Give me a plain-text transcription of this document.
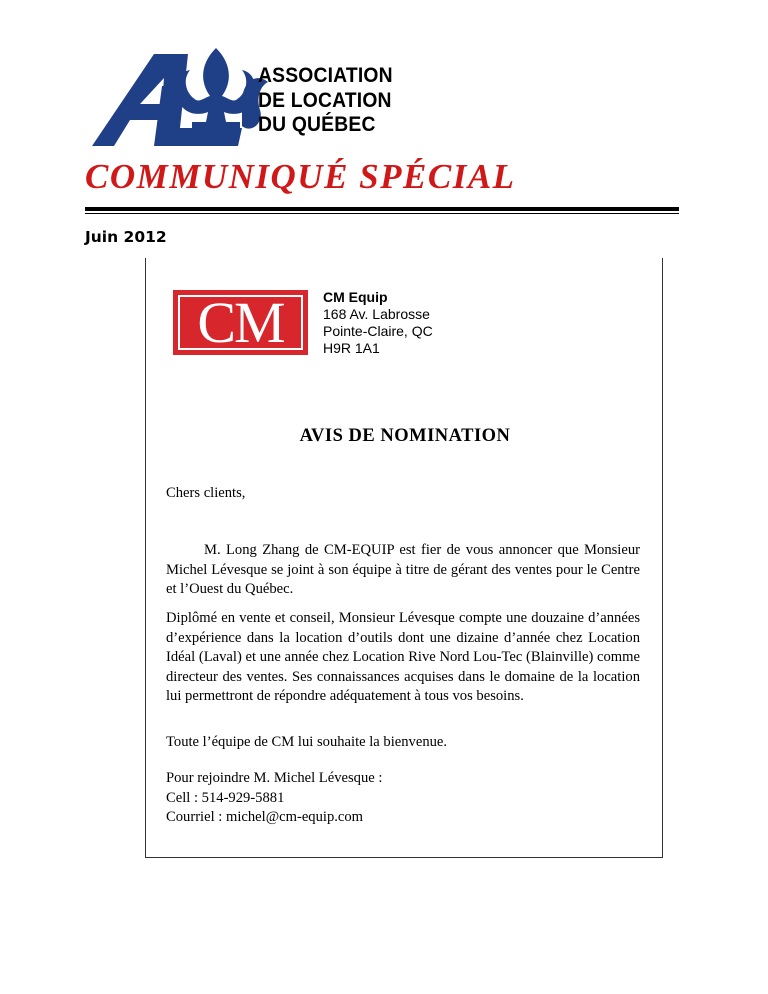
ASSOCIATION
DE LOCATION
DU QUÉBEC
COMMUNIQUÉ SPÉCIAL

Juin 2012

CM	CM Equip
168 Av. Labrosse
Pointe-Claire, QC
H9R 1A1
AVIS DE NOMINATION

Chers clients,

M. Long Zhang de CM-EQUIP est fier de vous annoncer que Monsieur Michel Lévesque se joint à son équipe à titre de gérant des ventes pour le Centre et l’Ouest du Québec.

Diplômé en vente et conseil, Monsieur Lévesque compte une douzaine d’années d’expérience dans la location d’outils dont une dizaine d’année chez Location Idéal (Laval) et une année chez Location Rive Nord Lou-Tec (Blainville) comme directeur des ventes. Ses connaissances acquises dans le domaine de la location lui permettront de répondre adéquatement à tous vos besoins.

Toute l’équipe de CM lui souhaite la bienvenue.

Pour rejoindre M. Michel Lévesque :
Cell : 514-929-5881
Courriel : michel@cm-equip.com
